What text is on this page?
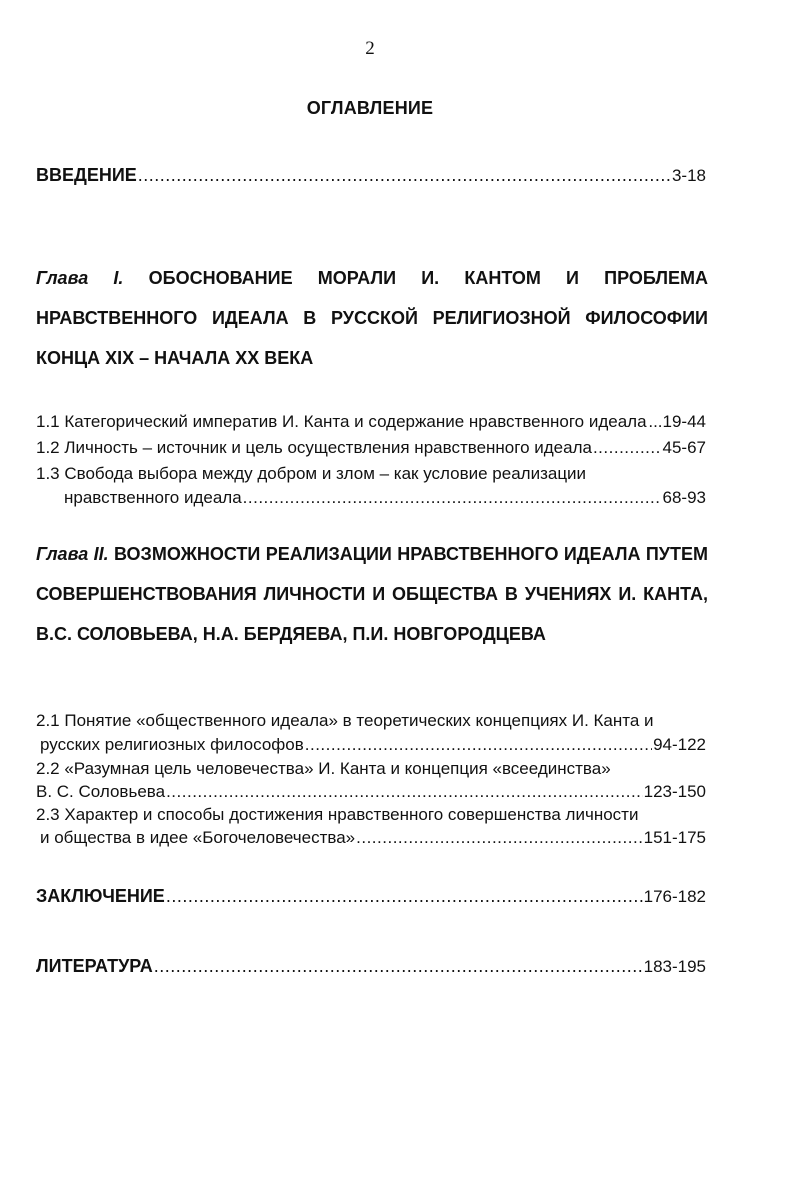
2
ОГЛАВЛЕНИЕ
ВВЕДЕНИЕ .....	3-18
Глава I. ОБОСНОВАНИЕ МОРАЛИ И. КАНТОМ И ПРОБЛЕМА НРАВСТВЕННОГО ИДЕАЛА В РУССКОЙ РЕЛИГИОЗНОЙ ФИЛОСОФИИ КОНЦА XIX – НАЧАЛА XX ВЕКА
1.1 Категорический императив И. Канта и содержание нравственного идеала ...19-44
1.2 Личность – источник и цель осуществления нравственного идеала .....	45-67
1.3 Свобода выбора между добром и злом – как условие реализации
нравственного идеала .....	68-93
Глава II. ВОЗМОЖНОСТИ РЕАЛИЗАЦИИ НРАВСТВЕННОГО ИДЕАЛА ПУТЕМ СОВЕРШЕНСТВОВАНИЯ ЛИЧНОСТИ И ОБЩЕСТВА В УЧЕНИЯХ И. КАНТА, В.С. СОЛОВЬЕВА, Н.А. БЕРДЯЕВА, П.И. НОВГОРОДЦЕВА
2.1 Понятие «общественного идеала» в теоретических концепциях И. Канта и
русских религиозных философов .....	94-122
2.2 «Разумная цель человечества» И. Канта и концепция «всеединства»
В. С. Соловьева .....	123-150
2.3 Характер и способы достижения нравственного совершенства личности
и общества в идее «Богочеловечества» .....	151-175
ЗАКЛЮЧЕНИЕ .....	176-182
ЛИТЕРАТУРА .....	183-195
